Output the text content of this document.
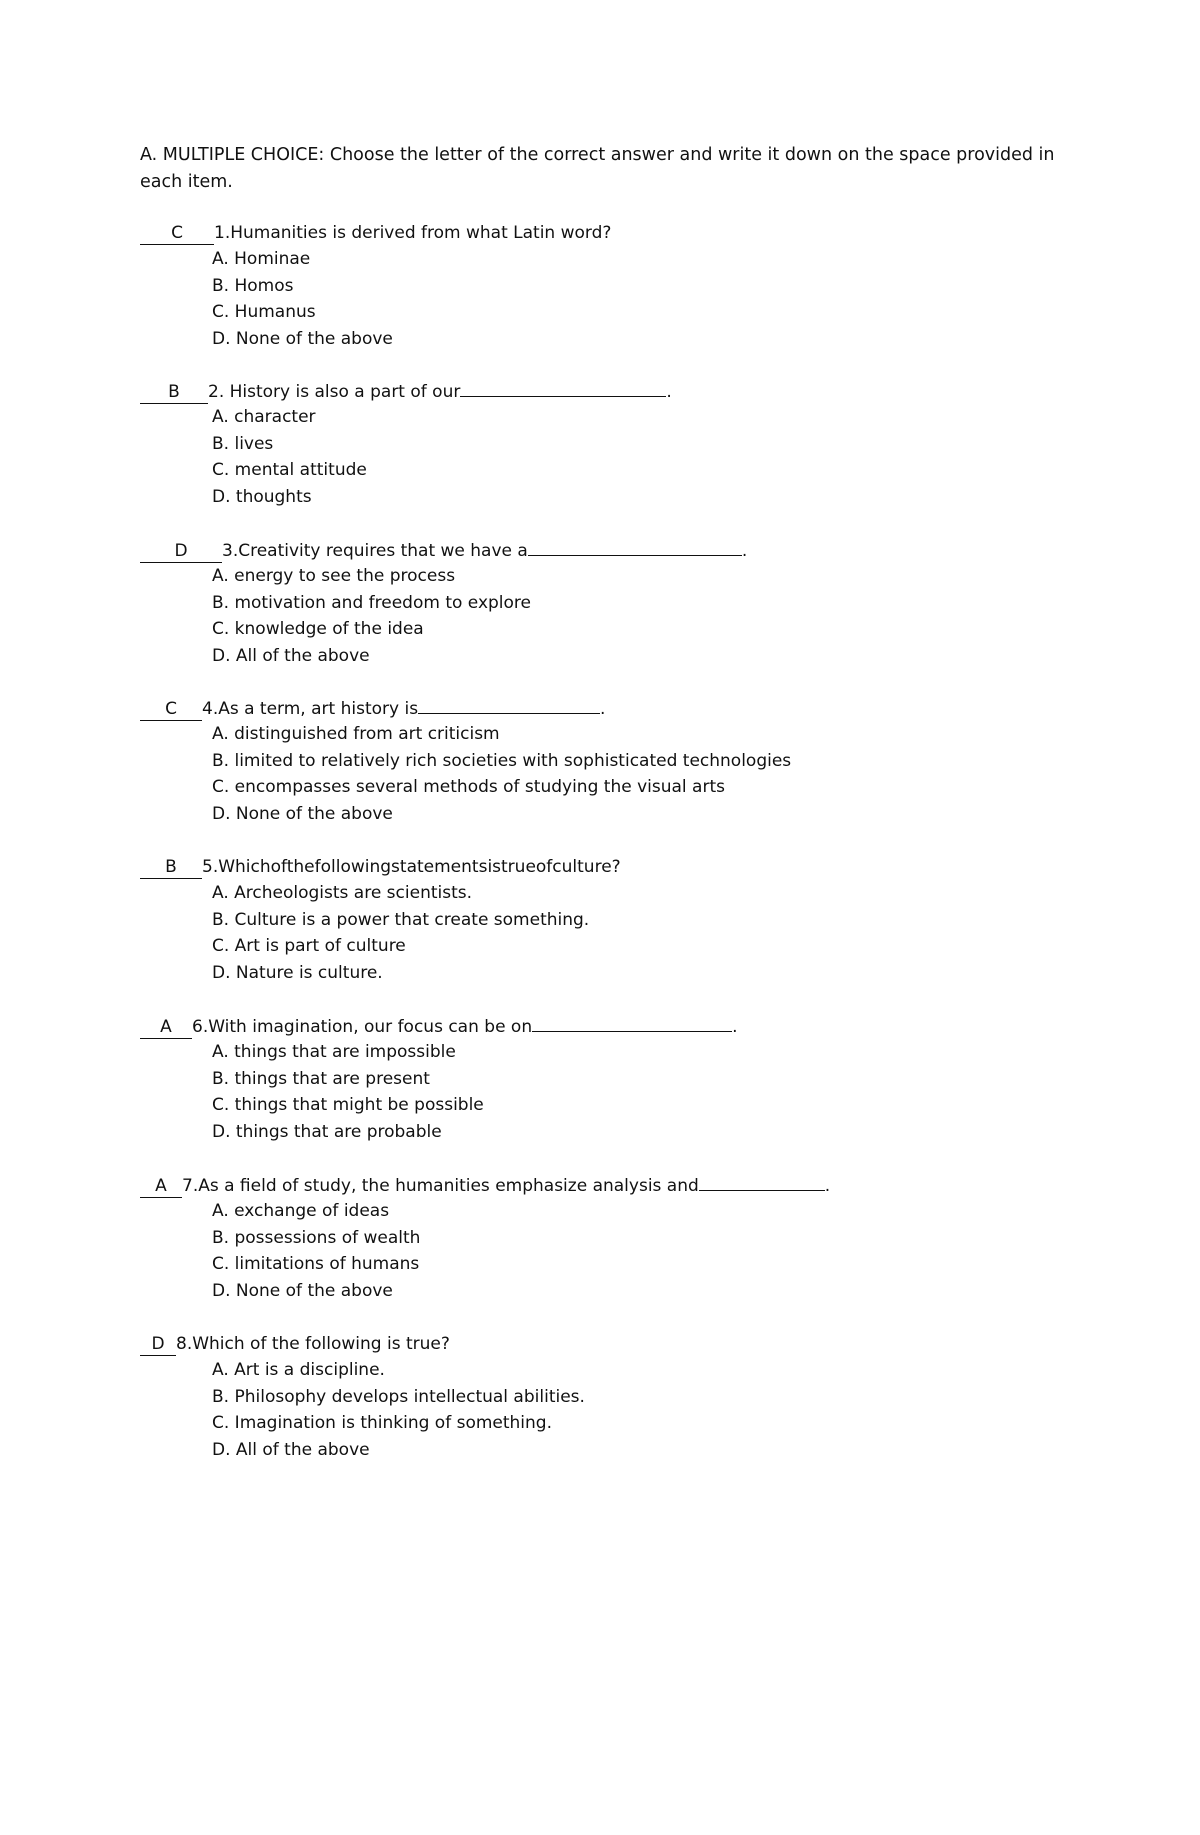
A. MULTIPLE CHOICE: Choose the letter of the correct answer and write it down on the space provided in each item.
C 1.Humanities is derived from what Latin word?
A. Hominae
B. Homos
C. Humanus
D. None of the above
B 2. History is also a part of our	.
A. character
B. lives
C. mental attitude
D. thoughts
D 3.Creativity requires that we have a	.
A. energy to see the process
B. motivation and freedom to explore
C. knowledge of the idea
D. All of the above
C 4.As a term, art history is	.
A. distinguished from art criticism
B. limited to relatively rich societies with sophisticated technologies
C. encompasses several methods of studying the visual arts
D. None of the above
B 5.Whichofthefollowingstatementsistrueofculture?
A. Archeologists are scientists.
B. Culture is a power that create something.
C. Art is part of culture
D. Nature is culture.
A 6.With imagination, our focus can be on	.
A. things that are impossible
B. things that are present
C. things that might be possible
D. things that are probable
A 7.As a field of study, the humanities emphasize analysis and	.
A. exchange of ideas
B. possessions of wealth
C. limitations of humans
D. None of the above
D 8.Which of the following is true?
A. Art is a discipline.
B. Philosophy develops intellectual abilities.
C. Imagination is thinking of something.
D. All of the above
